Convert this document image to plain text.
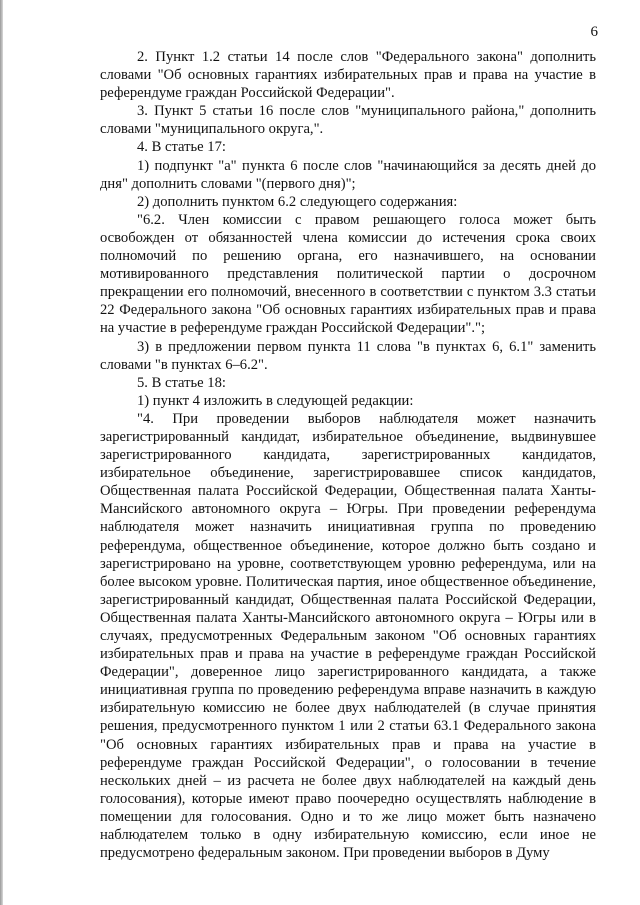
6

2. Пункт 1.2 статьи 14 после слов "Федерального закона" дополнить словами "Об основных гарантиях избирательных прав и права на участие в референдуме граждан Российской Федерации".

3. Пункт 5 статьи 16 после слов "муниципального района," дополнить словами "муниципального округа,".

4. В статье 17:

1) подпункт "а" пункта 6 после слов "начинающийся за десять дней до дня" дополнить словами "(первого дня)";

2) дополнить пунктом 6.2 следующего содержания:

"6.2. Член комиссии с правом решающего голоса может быть освобожден от обязанностей члена комиссии до истечения срока своих полномочий по решению органа, его назначившего, на основании мотивированного представления политической партии о досрочном прекращении его полномочий, внесенного в соответствии с пунктом 3.3 статьи 22 Федерального закона "Об основных гарантиях избирательных прав и права на участие в референдуме граждан Российской Федерации".";

3) в предложении первом пункта 11 слова "в пунктах 6, 6.1" заменить словами "в пунктах 6–6.2".

5. В статье 18:

1) пункт 4 изложить в следующей редакции:

"4. При проведении выборов наблюдателя может назначить зарегистрированный кандидат, избирательное объединение, выдвинувшее зарегистрированного кандидата, зарегистрированных кандидатов, избирательное объединение, зарегистрировавшее список кандидатов, Общественная палата Российской Федерации, Общественная палата Ханты-Мансийского автономного округа – Югры. При проведении референдума наблюдателя может назначить инициативная группа по проведению референдума, общественное объединение, которое должно быть создано и зарегистрировано на уровне, соответствующем уровню референдума, или на более высоком уровне. Политическая партия, иное общественное объединение, зарегистрированный кандидат, Общественная палата Российской Федерации, Общественная палата Ханты-Мансийского автономного округа – Югры или в случаях, предусмотренных Федеральным законом "Об основных гарантиях избирательных прав и права на участие в референдуме граждан Российской Федерации", доверенное лицо зарегистрированного кандидата, а также инициативная группа по проведению референдума вправе назначить в каждую избирательную комиссию не более двух наблюдателей (в случае принятия решения, предусмотренного пунктом 1 или 2 статьи 63.1 Федерального закона "Об основных гарантиях избирательных прав и права на участие в референдуме граждан Российской Федерации", о голосовании в течение нескольких дней – из расчета не более двух наблюдателей на каждый день голосования), которые имеют право поочередно осуществлять наблюдение в помещении для голосования. Одно и то же лицо может быть назначено наблюдателем только в одну избирательную комиссию, если иное не предусмотрено федеральным законом. При проведении выборов в Думу
